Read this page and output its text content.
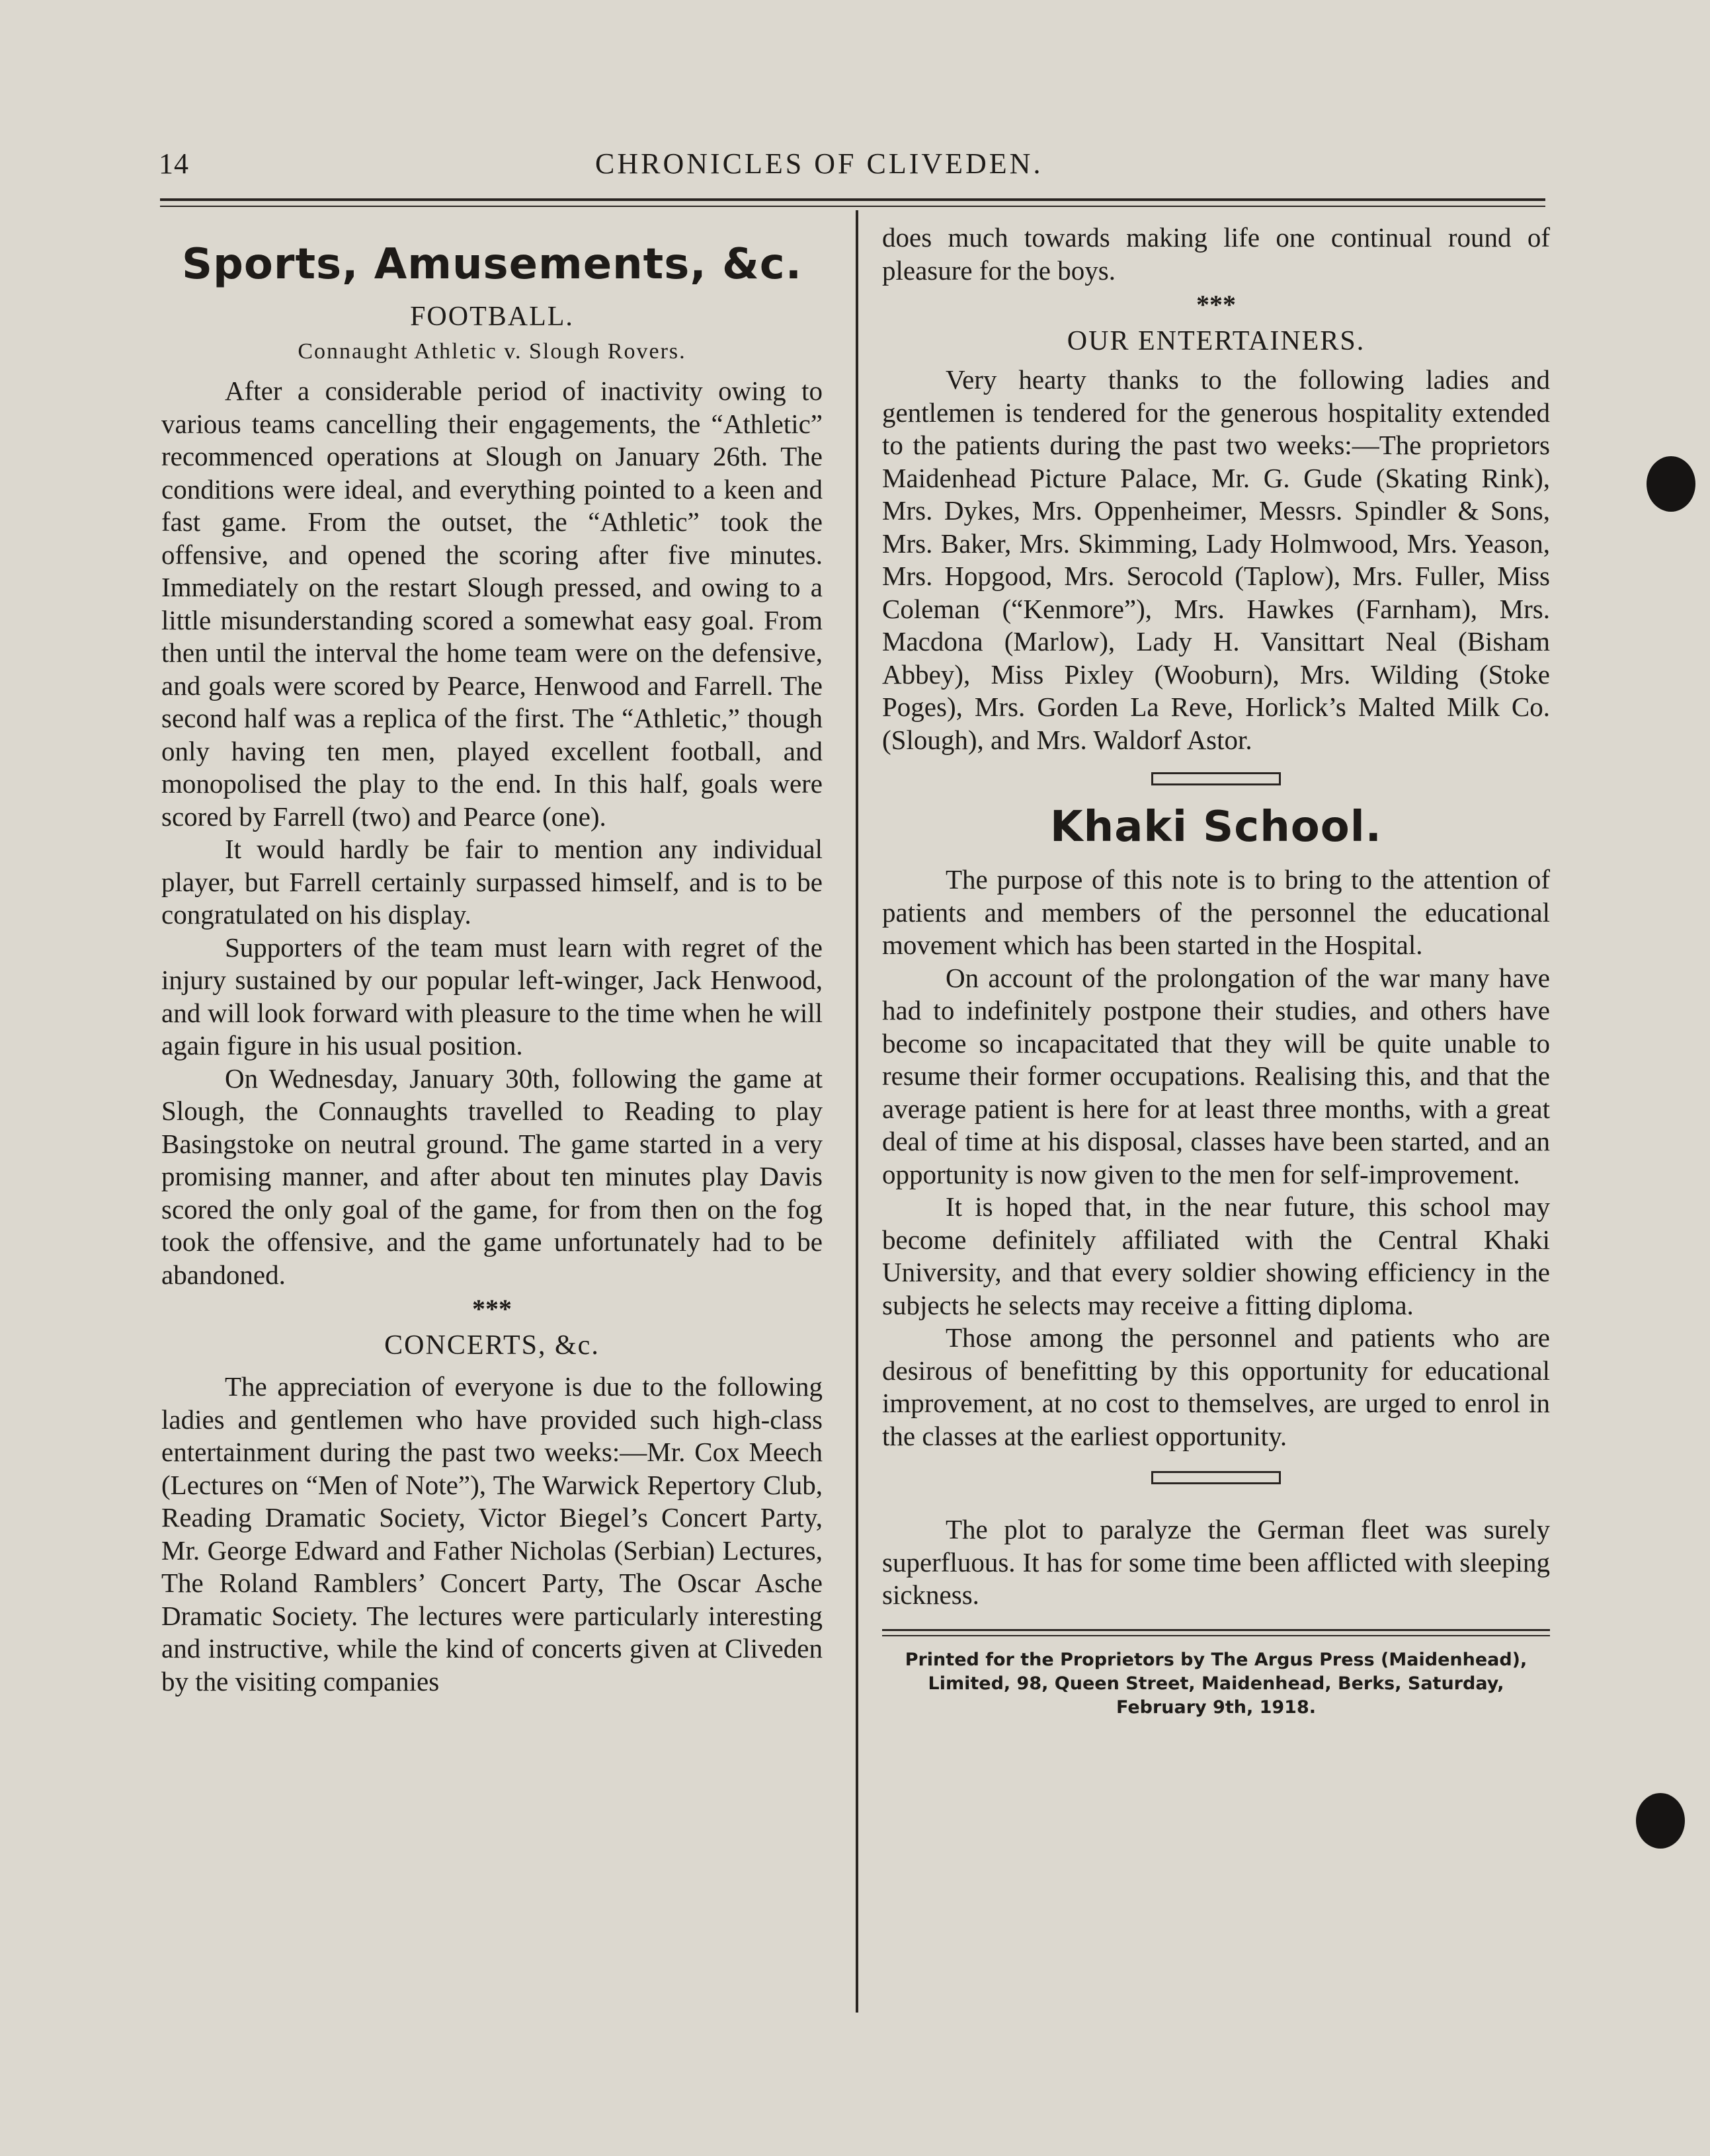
14	CHRONICLES OF CLIVEDEN.
Sports, Amusements, &c.
FOOTBALL.
Connaught Athletic v. Slough Rovers.

After a considerable period of inactivity owing to various teams cancelling their engagements, the “Athletic” recommenced operations at Slough on January 26th. The conditions were ideal, and everything pointed to a keen and fast game. From the outset, the “Athletic” took the offensive, and opened the scoring after five minutes. Immediately on the restart Slough pressed, and owing to a little misunderstanding scored a somewhat easy goal. From then until the interval the home team were on the defensive, and goals were scored by Pearce, Henwood and Farrell. The second half was a replica of the first. The “Athletic,” though only having ten men, played excellent football, and monopolised the play to the end. In this half, goals were scored by Farrell (two) and Pearce (one).

It would hardly be fair to mention any individual player, but Farrell certainly surpassed himself, and is to be congratulated on his display.

Supporters of the team must learn with regret of the injury sustained by our popular left-winger, Jack Henwood, and will look forward with pleasure to the time when he will again figure in his usual position.

On Wednesday, January 30th, following the game at Slough, the Connaughts travelled to Reading to play Basingstoke on neutral ground. The game started in a very promising manner, and after about ten minutes play Davis scored the only goal of the game, for from then on the fog took the offensive, and the game unfortunately had to be abandoned.

***
CONCERTS, &c.

The appreciation of everyone is due to the following ladies and gentlemen who have provided such high-class entertainment during the past two weeks:—Mr. Cox Meech (Lectures on “Men of Note”), The Warwick Repertory Club, Reading Dramatic Society, Victor Biegel’s Concert Party, Mr. George Edward and Father Nicholas (Serbian) Lectures, The Roland Ramblers’ Concert Party, The Oscar Asche Dramatic Society. The lectures were particularly interesting and instructive, while the kind of concerts given at Cliveden by the visiting companies

does much towards making life one continual round of pleasure for the boys.

***
OUR ENTERTAINERS.

Very hearty thanks to the following ladies and gentlemen is tendered for the generous hospitality extended to the patients during the past two weeks:—The proprietors Maidenhead Picture Palace, Mr. G. Gude (Skating Rink), Mrs. Dykes, Mrs. Oppenheimer, Messrs. Spindler & Sons, Mrs. Baker, Mrs. Skimming, Lady Holmwood, Mrs. Yeason, Mrs. Hopgood, Mrs. Serocold (Taplow), Mrs. Fuller, Miss Coleman (“Kenmore”), Mrs. Hawkes (Farnham), Mrs. Macdona (Marlow), Lady H. Vansittart Neal (Bisham Abbey), Miss Pixley (Wooburn), Mrs. Wilding (Stoke Poges), Mrs. Gorden La Reve, Horlick’s Malted Milk Co. (Slough), and Mrs. Waldorf Astor.

Khaki School.

The purpose of this note is to bring to the attention of patients and members of the personnel the educational movement which has been started in the Hospital.

On account of the prolongation of the war many have had to indefinitely postpone their studies, and others have become so incapacitated that they will be quite unable to resume their former occupations. Realising this, and that the average patient is here for at least three months, with a great deal of time at his disposal, classes have been started, and an opportunity is now given to the men for self-improvement.

It is hoped that, in the near future, this school may become definitely affiliated with the Central Khaki University, and that every soldier showing efficiency in the subjects he selects may receive a fitting diploma.

Those among the personnel and patients who are desirous of benefitting by this opportunity for educational improvement, at no cost to themselves, are urged to enrol in the classes at the earliest opportunity.

The plot to paralyze the German fleet was surely superfluous. It has for some time been afflicted with sleeping sickness.

Printed for the Proprietors by The Argus Press (Maidenhead), Limited, 98, Queen Street, Maidenhead, Berks, Saturday, February 9th, 1918.
